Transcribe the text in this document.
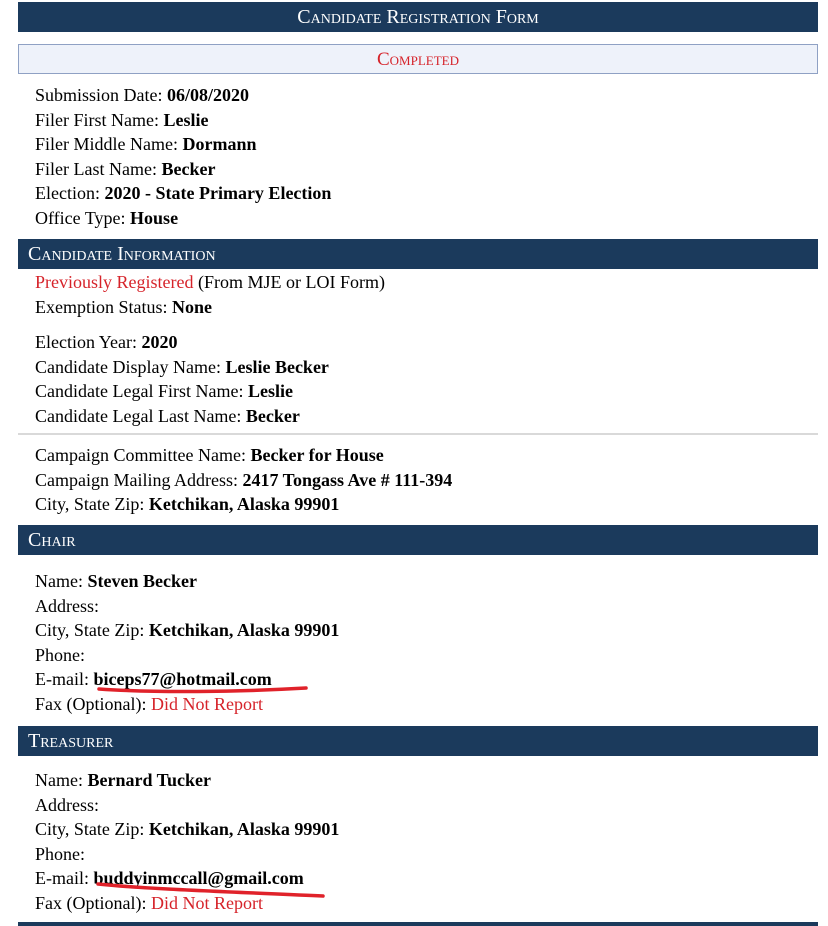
Candidate Registration Form
Completed
Submission Date: 06/08/2020
Filer First Name: Leslie
Filer Middle Name: Dormann
Filer Last Name: Becker
Election: 2020 - State Primary Election
Office Type: House
Candidate Information
Previously Registered (From MJE or LOI Form)
Exemption Status: None
Election Year: 2020
Candidate Display Name: Leslie Becker
Candidate Legal First Name: Leslie
Candidate Legal Last Name: Becker
Campaign Committee Name: Becker for House
Campaign Mailing Address: 2417 Tongass Ave # 111-394
City, State Zip: Ketchikan, Alaska 99901
Chair
Name: Steven Becker
Address:
City, State Zip: Ketchikan, Alaska 99901
Phone:
E-mail: biceps77@hotmail.com
Fax (Optional): Did Not Report
Treasurer
Name: Bernard Tucker
Address:
City, State Zip: Ketchikan, Alaska 99901
Phone:
E-mail: buddyinmccall@gmail.com
Fax (Optional): Did Not Report
